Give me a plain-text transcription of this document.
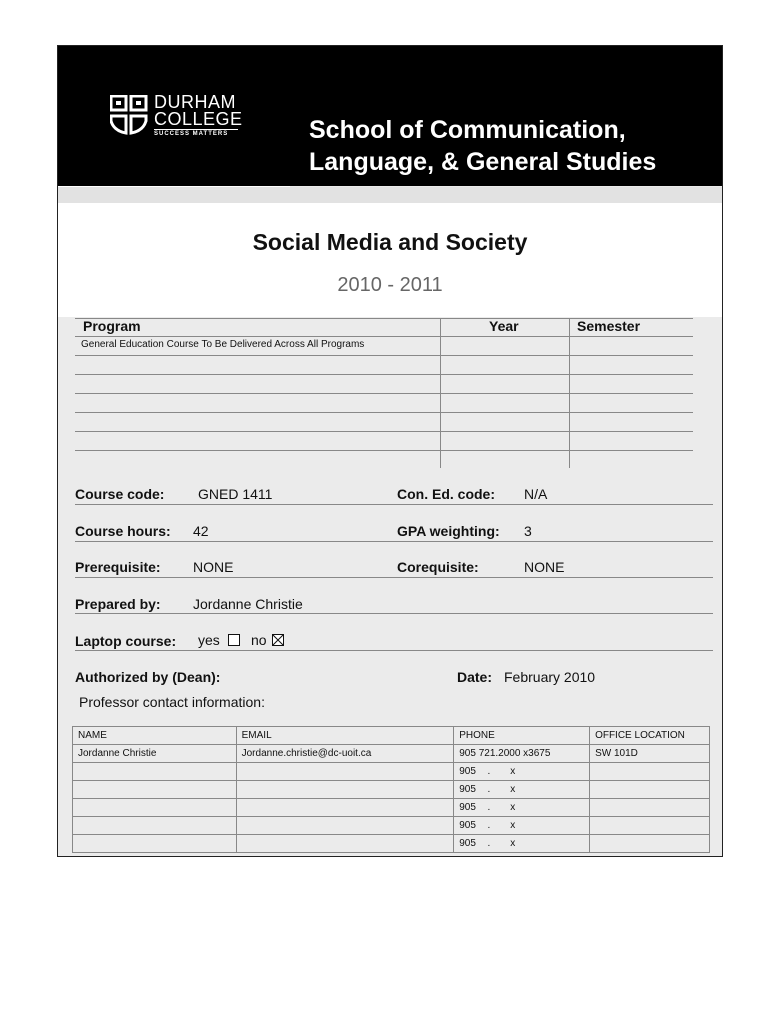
DURHAM
COLLEGE
SUCCESS MATTERS	School of Communication,
Language, & General Studies
Social Media and Society
2010 - 2011
Program	Year	Semester
General Education Course To Be Delivered Across All Programs
Course code: GNED 1411	Con. Ed. code: N/A
Course hours: 42	GPA weighting: 3
Prerequisite: NONE	Corequisite:	NONE
Prepared by: Jordanne Christie
Laptop course: yes no
Authorized by (Dean):	Date: February 2010
Professor contact information:
NAME	EMAIL	PHONE	OFFICE LOCATION
Jordanne Christie	Jordanne.christie@dc-uoit.ca	905 721.2000 x3675	SW 101D
		905 . x	
		905 . x	
		905 . x	
		905 . x	
		905 . x	
